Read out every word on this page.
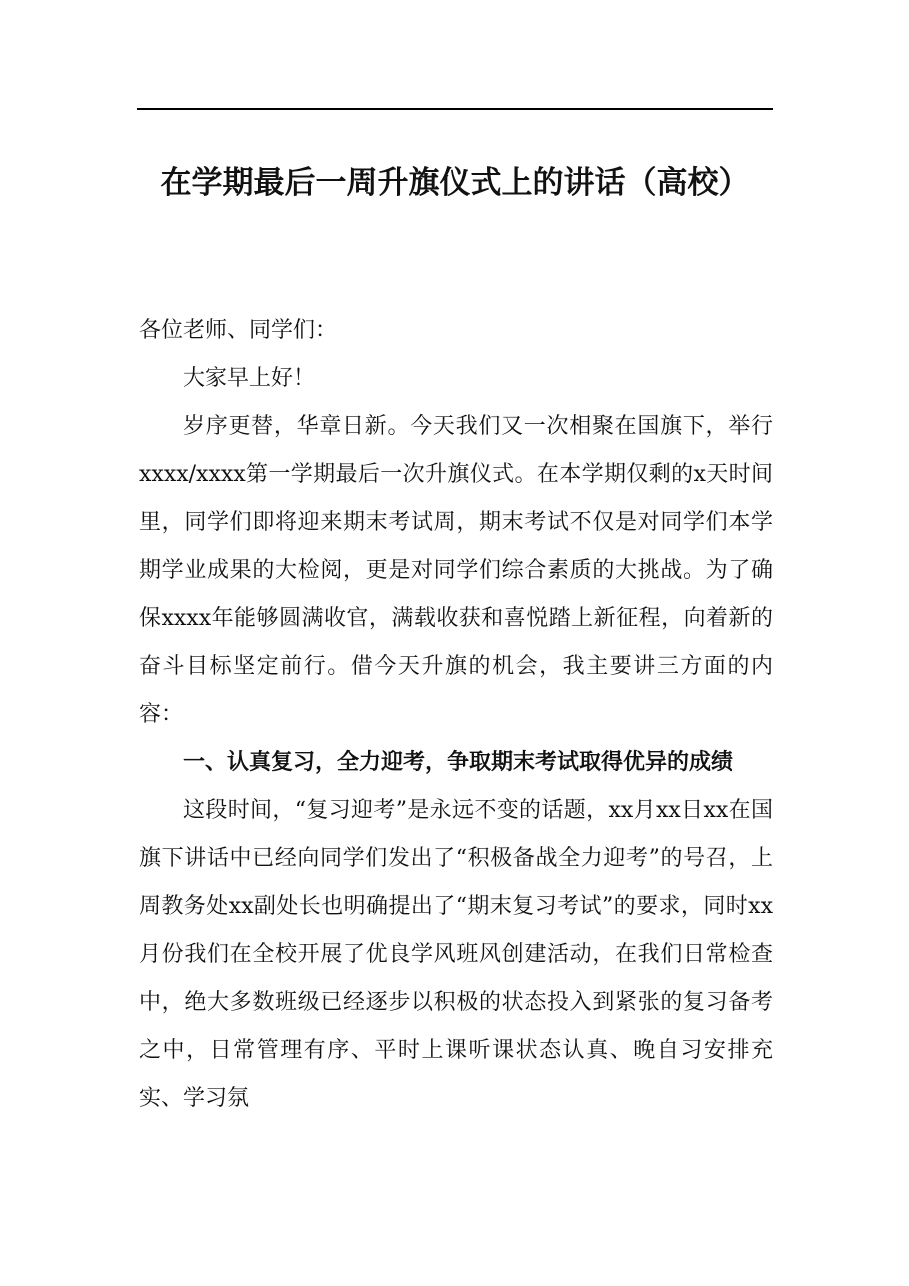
在学期最后一周升旗仪式上的讲话（高校）

各位老师、同学们：

大家早上好！

岁序更替，华章日新。今天我们又一次相聚在国旗下，举行xxxx/xxxx第一学期最后一次升旗仪式。在本学期仅剩的x天时间里，同学们即将迎来期末考试周，期末考试不仅是对同学们本学期学业成果的大检阅，更是对同学们综合素质的大挑战。为了确保xxxx年能够圆满收官，满载收获和喜悦踏上新征程，向着新的奋斗目标坚定前行。借今天升旗的机会，我主要讲三方面的内容：

一、认真复习，全力迎考，争取期末考试取得优异的成绩

这段时间，“复习迎考”是永远不变的话题，xx月xx日xx在国旗下讲话中已经向同学们发出了“积极备战全力迎考”的号召，上周教务处xx副处长也明确提出了“期末复习考试”的要求，同时xx月份我们在全校开展了优良学风班风创建活动，在我们日常检查中，绝大多数班级已经逐步以积极的状态投入到紧张的复习备考之中，日常管理有序、平时上课听课状态认真、晚自习安排充实、学习氛
